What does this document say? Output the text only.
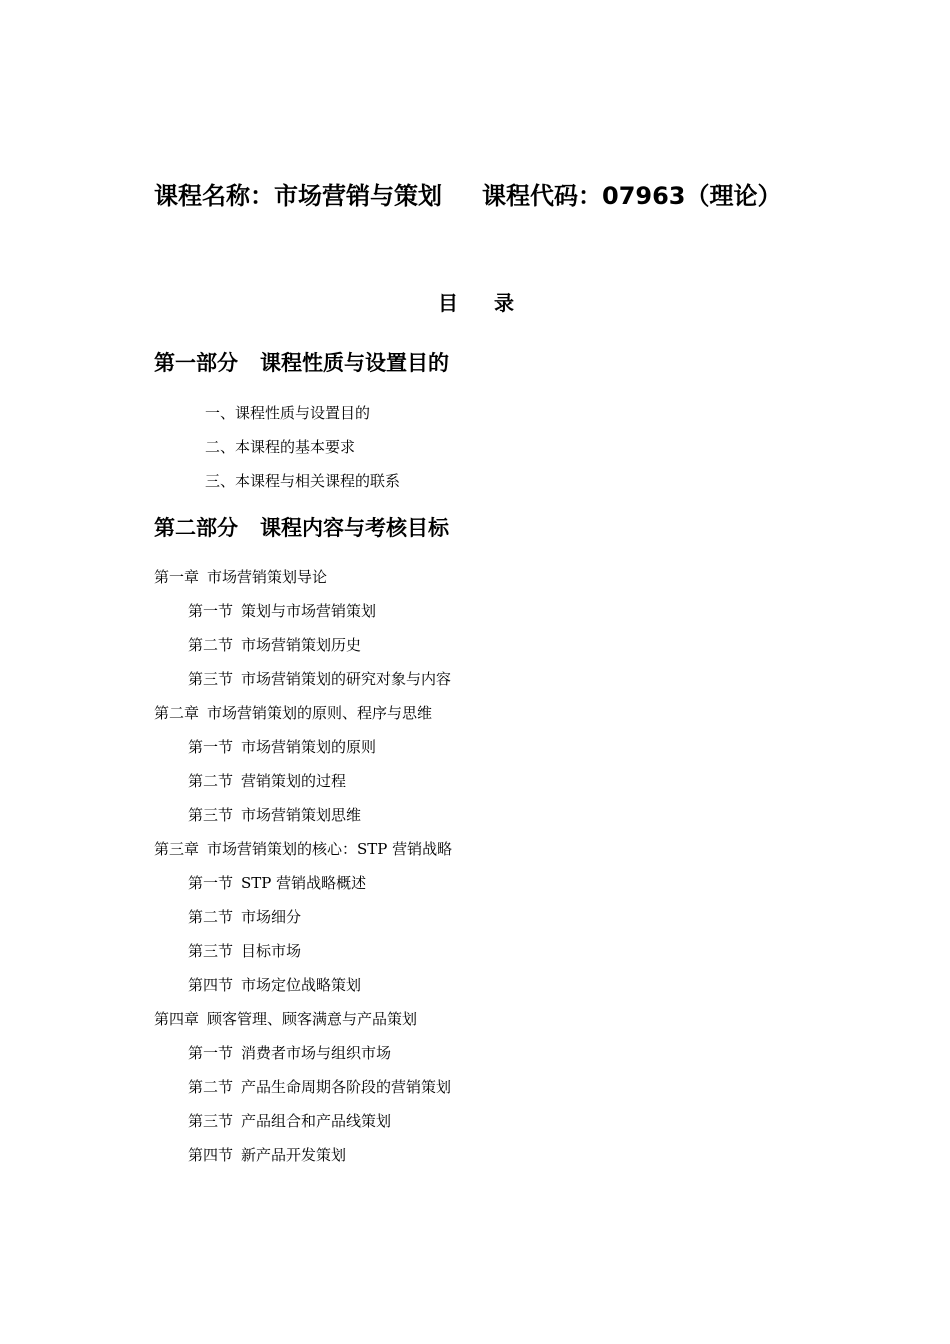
课程名称：市场营销与策划 课程代码：07963（理论）
目录
第一部分 课程性质与设置目的
一、课程性质与设置目的
二、本课程的基本要求
三、本课程与相关课程的联系
第二部分 课程内容与考核目标
第一章 市场营销策划导论
第一节 策划与市场营销策划
第二节 市场营销策划历史
第三节 市场营销策划的研究对象与内容
第二章 市场营销策划的原则、程序与思维
第一节 市场营销策划的原则
第二节 营销策划的过程
第三节 市场营销策划思维
第三章 市场营销策划的核心：STP 营销战略
第一节 STP 营销战略概述
第二节 市场细分
第三节 目标市场
第四节 市场定位战略策划
第四章 顾客管理、顾客满意与产品策划
第一节 消费者市场与组织市场
第二节 产品生命周期各阶段的营销策划
第三节 产品组合和产品线策划
第四节 新产品开发策划
